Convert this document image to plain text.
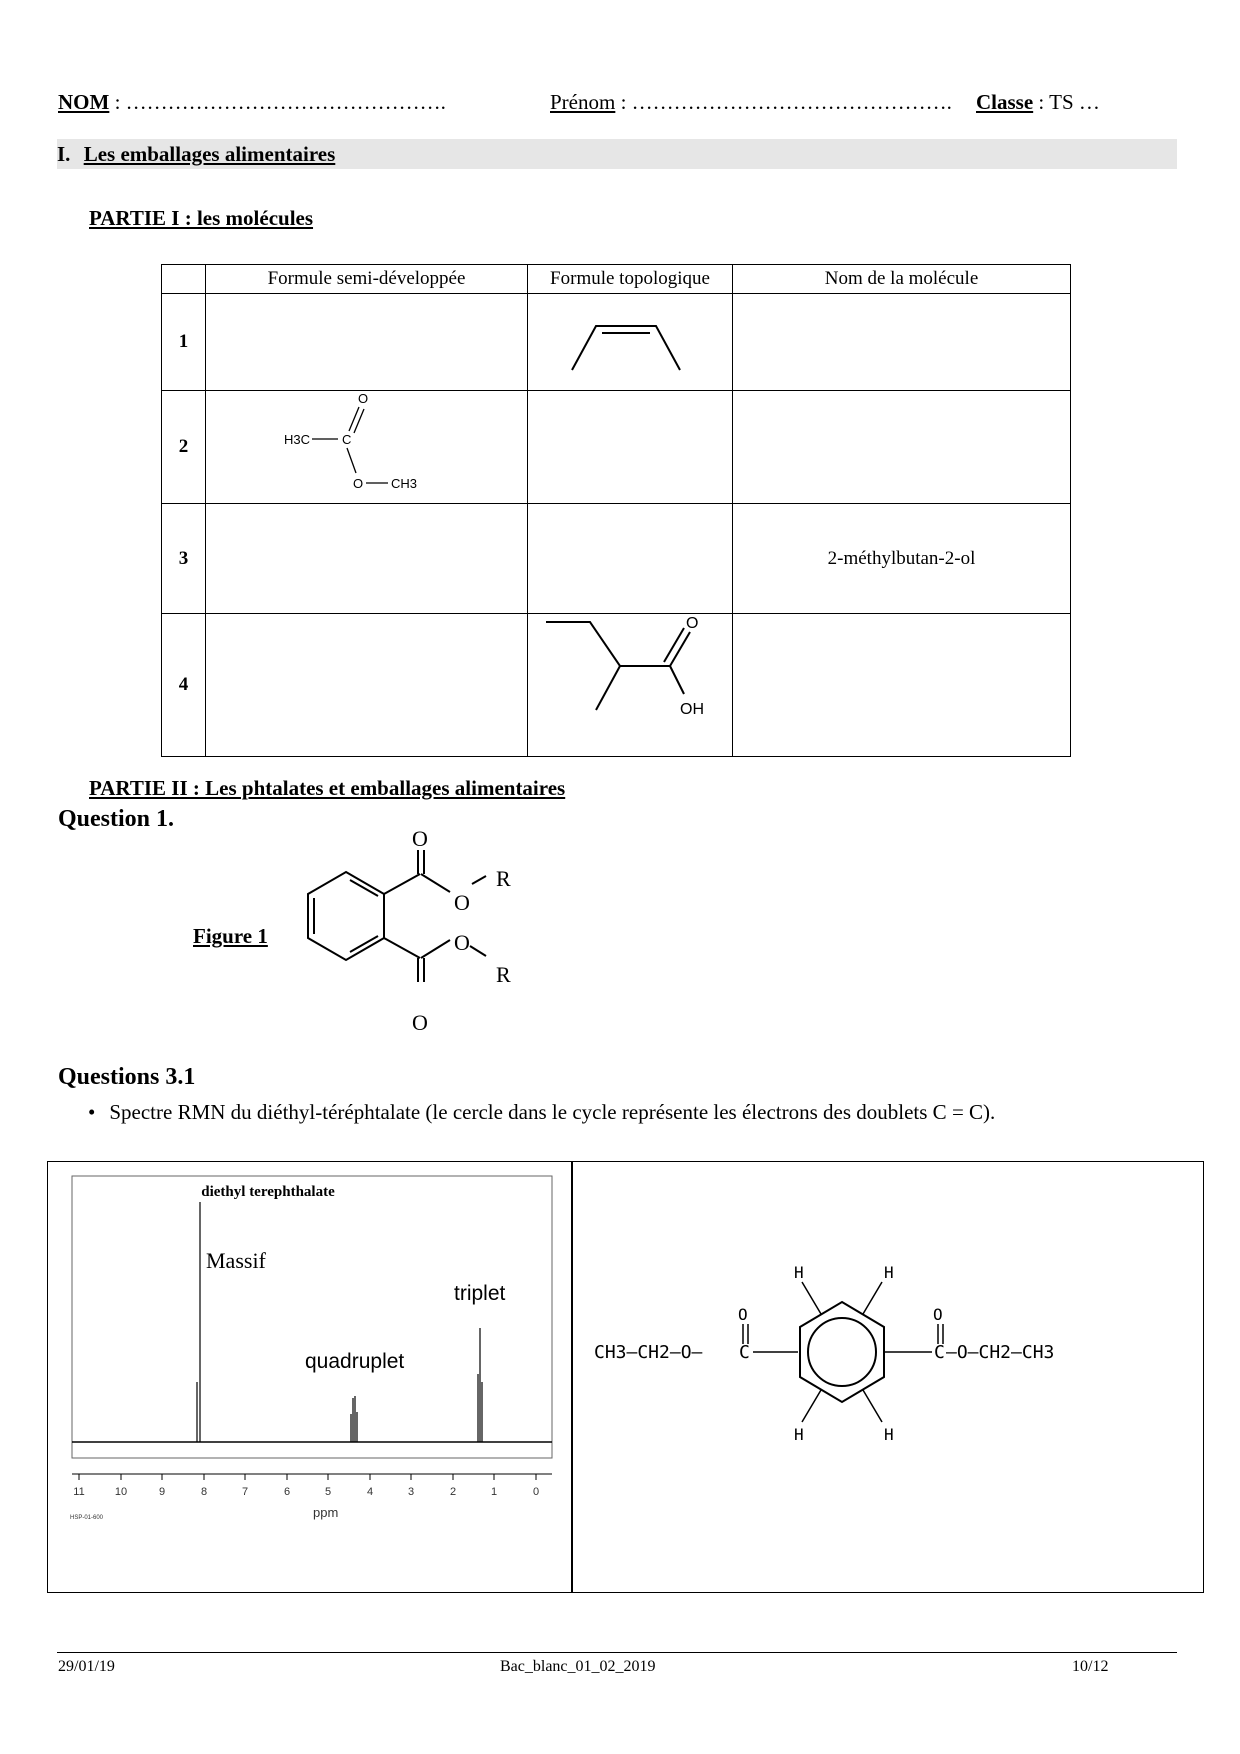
NOM : ……………………………………….	Prénom : ………………………………………. Classe : TS …
I. Les emballages alimentaires
PARTIE I : les molécules
	Formule semi-développée	Formule topologique	Nom de la molécule
1			
2	O
H3C C
O CH3		

3			2-méthylbutan-2-ol
4		O
OH	

PARTIE II : Les phtalates et emballages alimentaires
Question 1.
Figure 1
O
O
R
O
R
O
Questions 3.1
• Spectre RMN du diéthyl-téréphtalate (le cercle dans le cycle représente les électrons des doublets C = C).
diethyl terephthalate
11	10	9	8	7	6	5	4	3	2	1	0
ppm
HSP-01-600
Massif
quadruplet
triplet
CH3—CH2—O— C
O
H	H
H	H
C
O
—O—CH2—CH3
29/01/19	Bac_blanc_01_02_2019	10/12
